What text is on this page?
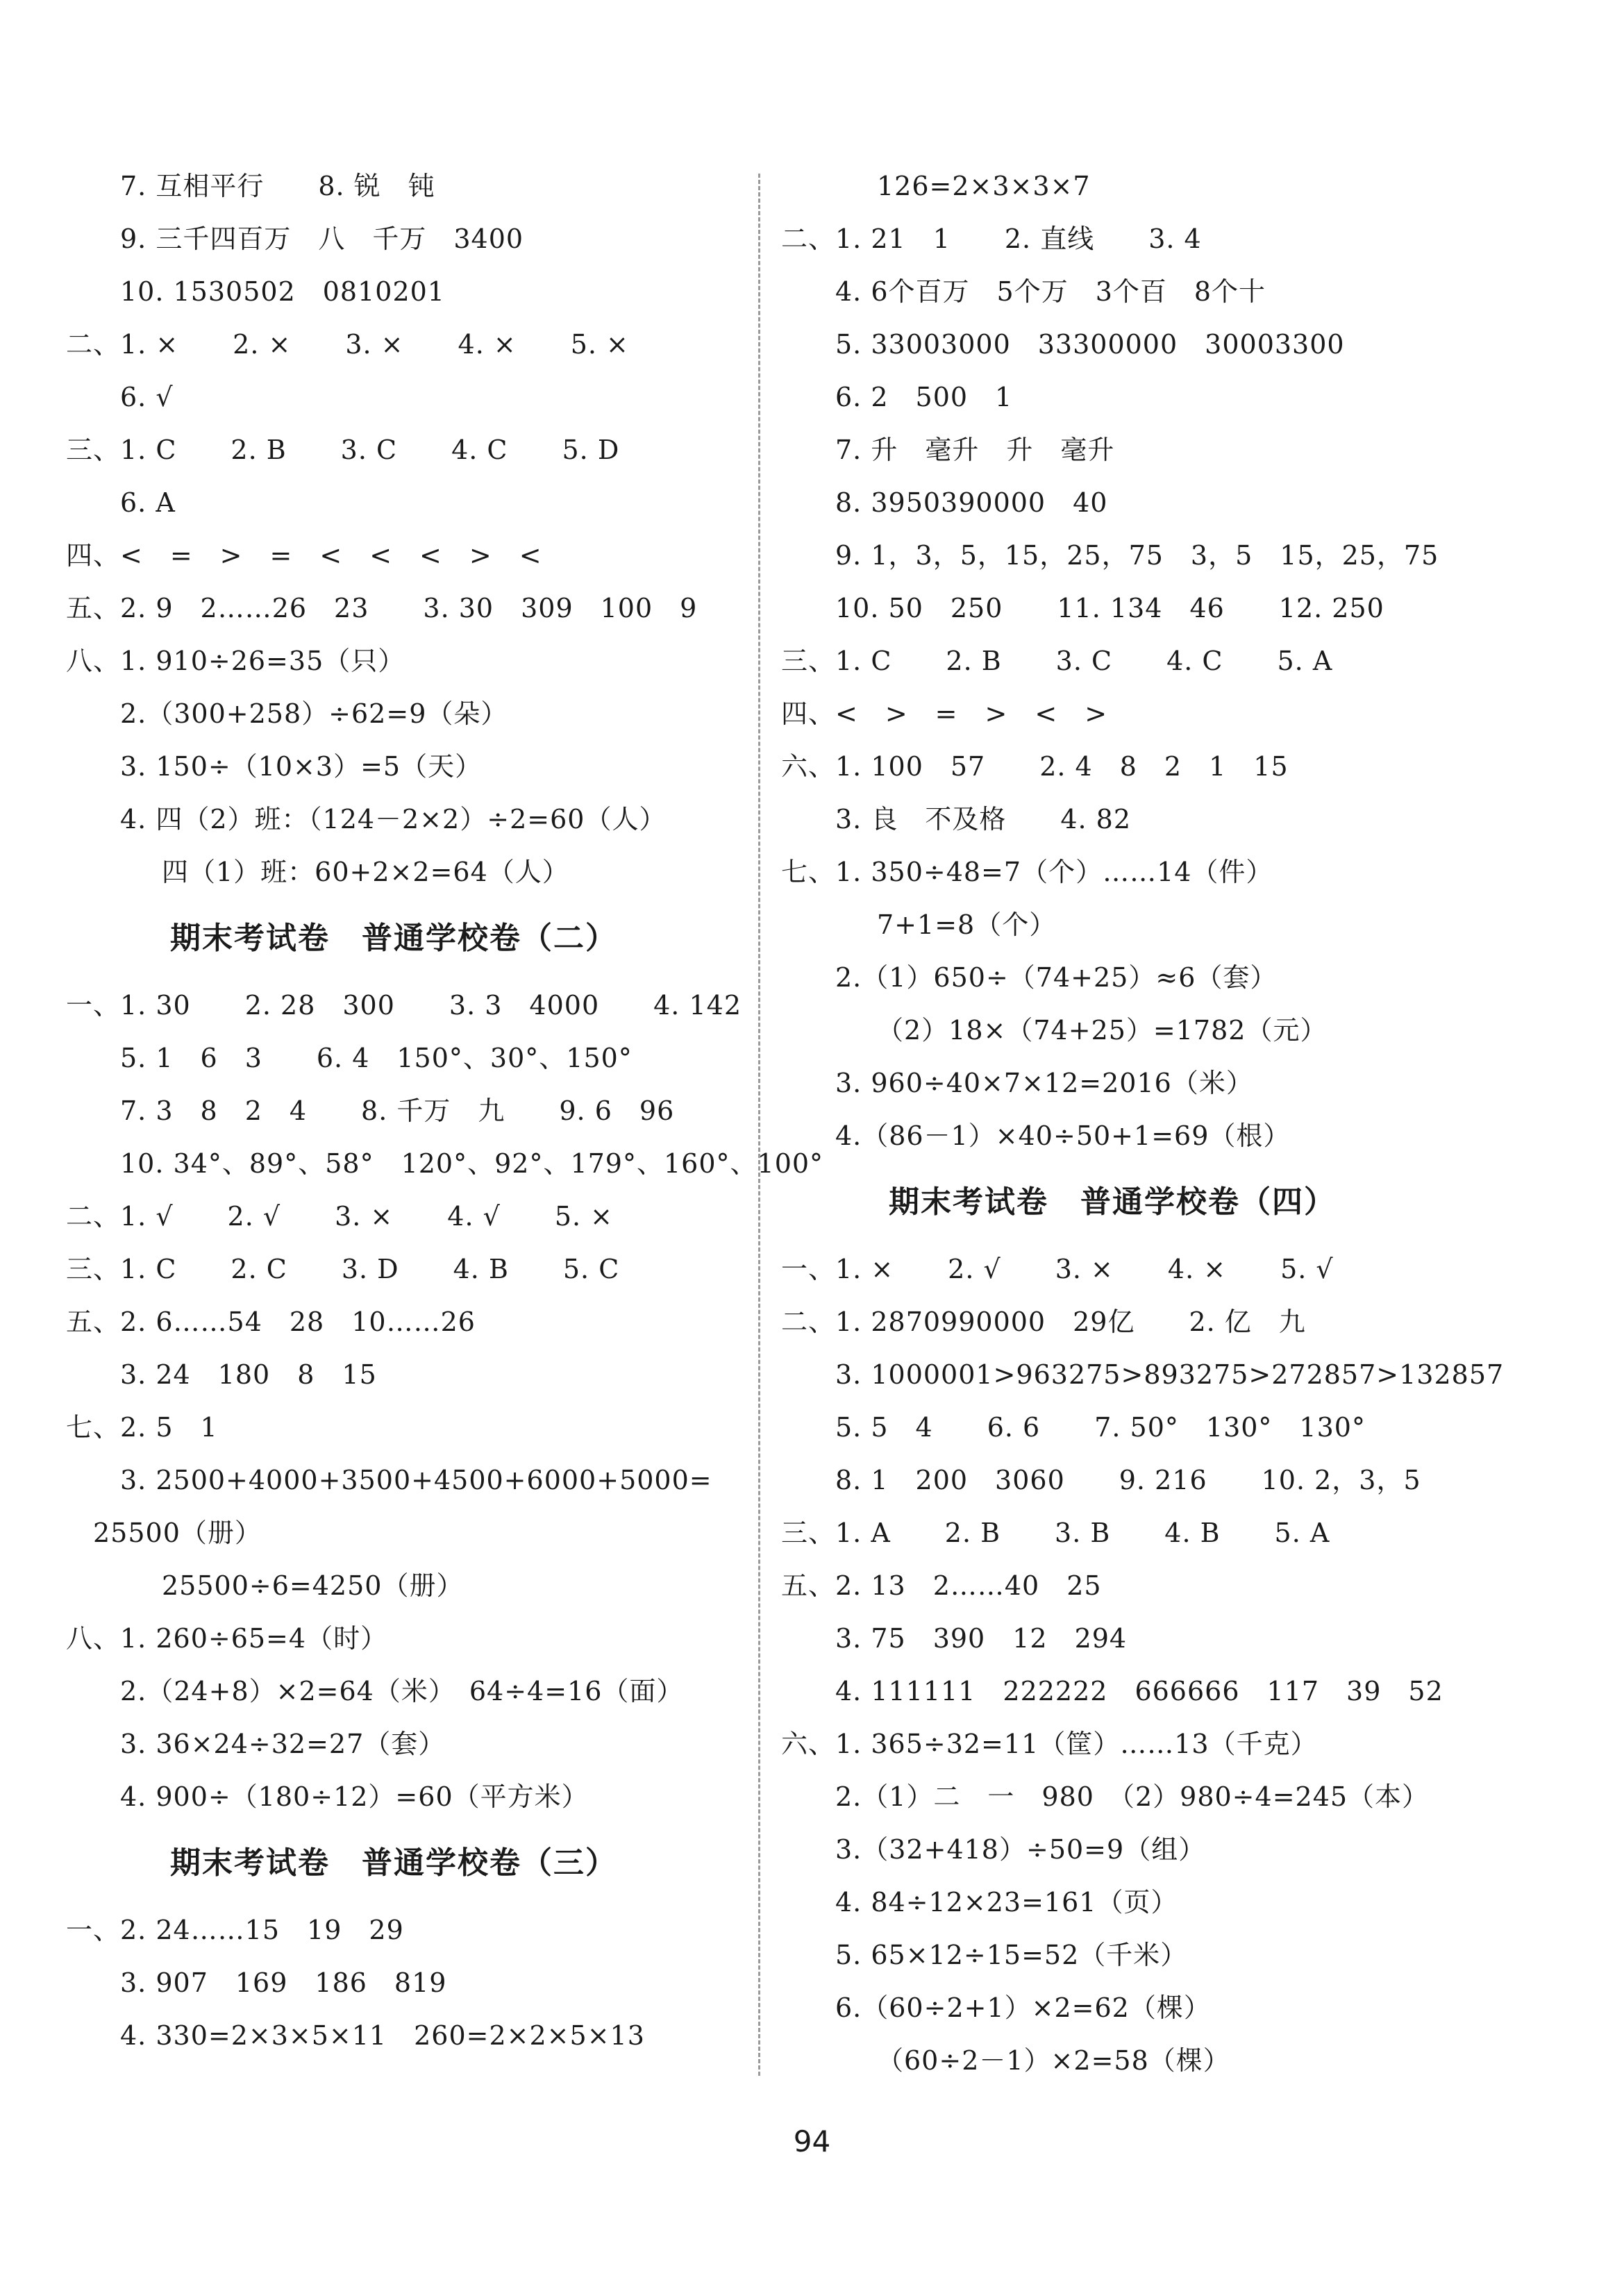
7. 互相平行　　8. 锐　钝
9. 三千四百万　八　千万　3400
10. 1530502　0810201
二、1. ×　　2. ×　　3. ×　　4. ×　　5. ×
6. √
三、1. C　　2. B　　3. C　　4. C　　5. D
6. A
四、<　=　>　=　<　<　<　>　<
五、2. 9　2……26　23　　3. 30　309　100　9
八、1. 910÷26=35（只）
2.（300+258）÷62=9（朵）
3. 150÷（10×3）=5（天）
4. 四（2）班：（124－2×2）÷2=60（人）
四（1）班：60+2×2=64（人）
期末考试卷　普通学校卷（二）
一、1. 30　　2. 28　300　　3. 3　4000　　4. 142
5. 1　6　3　　6. 4　150°、30°、150°
7. 3　8　2　4　　8. 千万　九　　9. 6　96
10. 34°、89°、58°　120°、92°、179°、160°、100°
二、1. √　　2. √　　3. ×　　4. √　　5. ×
三、1. C　　2. C　　3. D　　4. B　　5. C
五、2. 6……54　28　10……26
3. 24　180　8　15
七、2. 5　1
3. 2500+4000+3500+4500+6000+5000=
　25500（册）
25500÷6=4250（册）
八、1. 260÷65=4（时）
2.（24+8）×2=64（米）　64÷4=16（面）
3. 36×24÷32=27（套）
4. 900÷（180÷12）=60（平方米）
期末考试卷　普通学校卷（三）
一、2. 24……15　19　29
3. 907　169　186　819
4. 330=2×3×5×11　260=2×2×5×13
126=2×3×3×7
二、1. 21　1　　2. 直线　　3. 4
4. 6个百万　5个万　3个百　8个十
5. 33003000　33300000　30003300
6. 2　500　1
7. 升　毫升　升　毫升
8. 3950390000　40
9. 1，3，5，15，25，75　3，5　15，25，75
10. 50　250　　11. 134　46　　12. 250
三、1. C　　2. B　　3. C　　4. C　　5. A
四、<　>　=　>　<　>
六、1. 100　57　　2. 4　8　2　1　15
3. 良　不及格　　4. 82
七、1. 350÷48=7（个）……14（件）
7+1=8（个）
2.（1）650÷（74+25）≈6（套）
（2）18×（74+25）=1782（元）
3. 960÷40×7×12=2016（米）
4.（86－1）×40÷50+1=69（根）
期末考试卷　普通学校卷（四）
一、1. ×　　2. √　　3. ×　　4. ×　　5. √
二、1. 2870990000　29亿　　2. 亿　九
3. 1000001>963275>893275>272857>132857
5. 5　4　　6. 6　　7. 50°　130°　130°
8. 1　200　3060　　9. 216　　10. 2，3，5
三、1. A　　2. B　　3. B　　4. B　　5. A
五、2. 13　2……40　25
3. 75　390　12　294
4. 111111　222222　666666　117　39　52
六、1. 365÷32=11（筐）……13（千克）
2.（1）二　一　980　（2）980÷4=245（本）
3.（32+418）÷50=9（组）
4. 84÷12×23=161（页）
5. 65×12÷15=52（千米）
6.（60÷2+1）×2=62（棵）
（60÷2－1）×2=58（棵）
94
